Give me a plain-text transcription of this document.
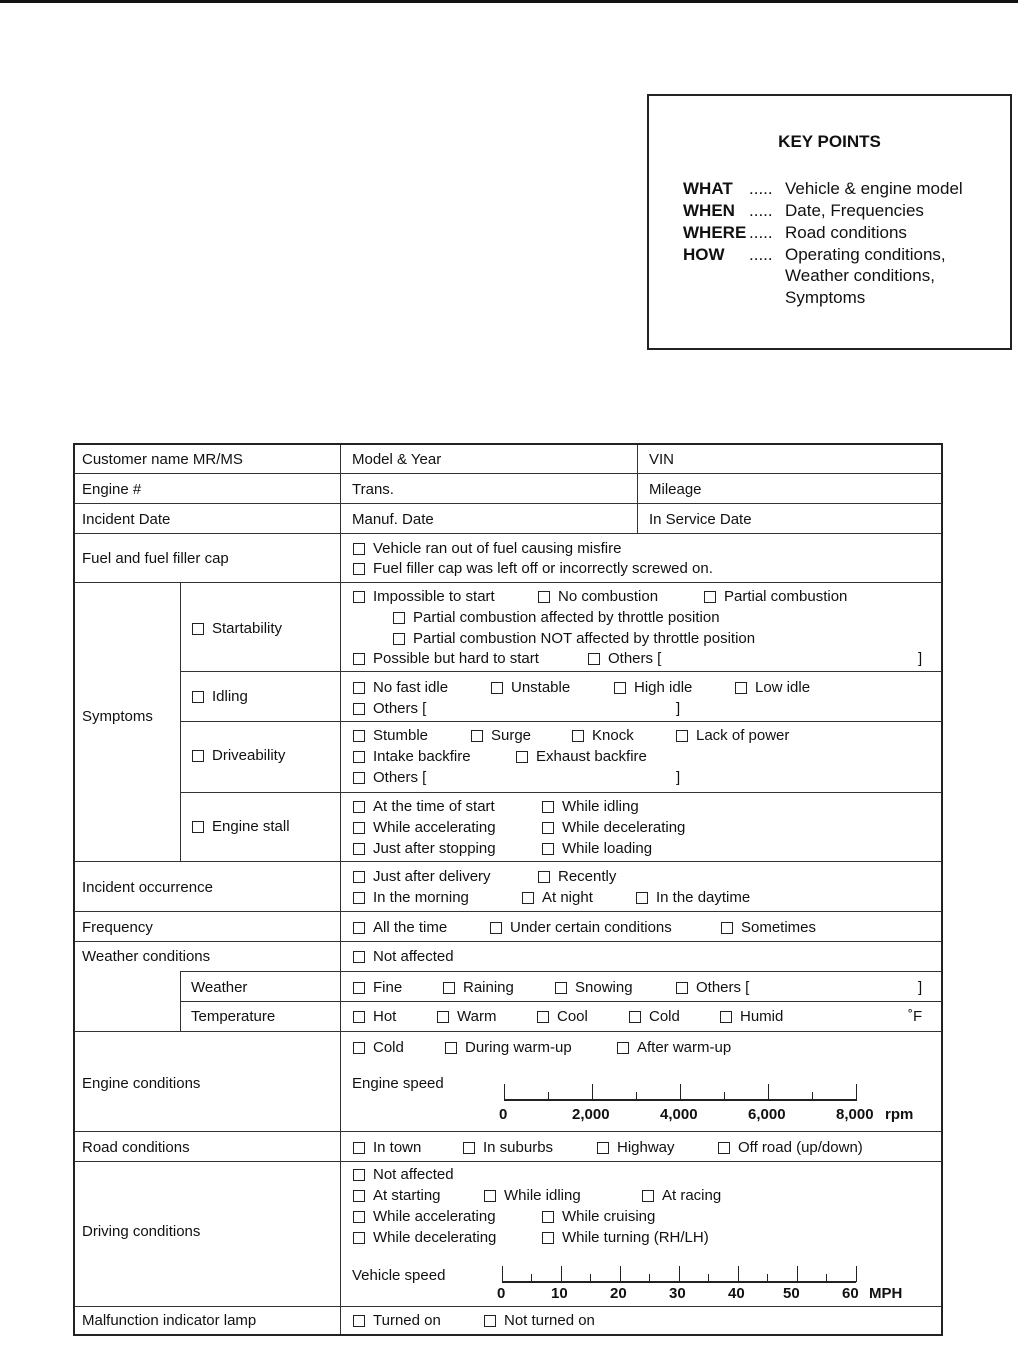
KEY POINTS
WHAT ..... Vehicle & engine model
WHEN ..... Date, Frequencies
WHERE ..... Road conditions
HOW ..... Operating conditions,
Weather conditions,
Symptoms
Customer name MR/MS	Model & Year	VIN
Engine #	Trans.	Mileage
Incident Date	Manuf. Date	In Service Date
Fuel and fuel filler cap
Vehicle ran out of fuel causing misfire
Fuel filler cap was left off or incorrectly screwed on.
Symptoms
Startability
Impossible to start	No combustion	Partial combustion
Partial combustion affected by throttle position
Partial combustion NOT affected by throttle position
Possible but hard to start	Others [	]
Idling
No fast idle	Unstable	High idle	Low idle
Others [	]
Driveability
Stumble	Surge	Knock	Lack of power
Intake backfire	Exhaust backfire
Others [	]
Engine stall
At the time of start	While idling
While accelerating	While decelerating
Just after stopping	While loading
Incident occurrence
Just after delivery	Recently
In the morning	At night	In the daytime
Frequency	All the time	Under certain conditions	Sometimes
Weather conditions	Not affected
Weather	Fine	Raining	Snowing	Others [	]
Temperature	Hot	Warm	Cool	Cold	Humid	˚F
Engine conditions
Cold	During warm-up	After warm-up
Engine speed
0	2,000	4,000	6,000	8,000 rpm
Road conditions	In town	In suburbs	Highway	Off road (up/down)
Driving conditions
Not affected
At starting	While idling	At racing
While accelerating	While cruising
While decelerating	While turning (RH/LH)
Vehicle speed
0	10	20	30	40	50	60 MPH
Malfunction indicator lamp	Turned on	Not turned on
